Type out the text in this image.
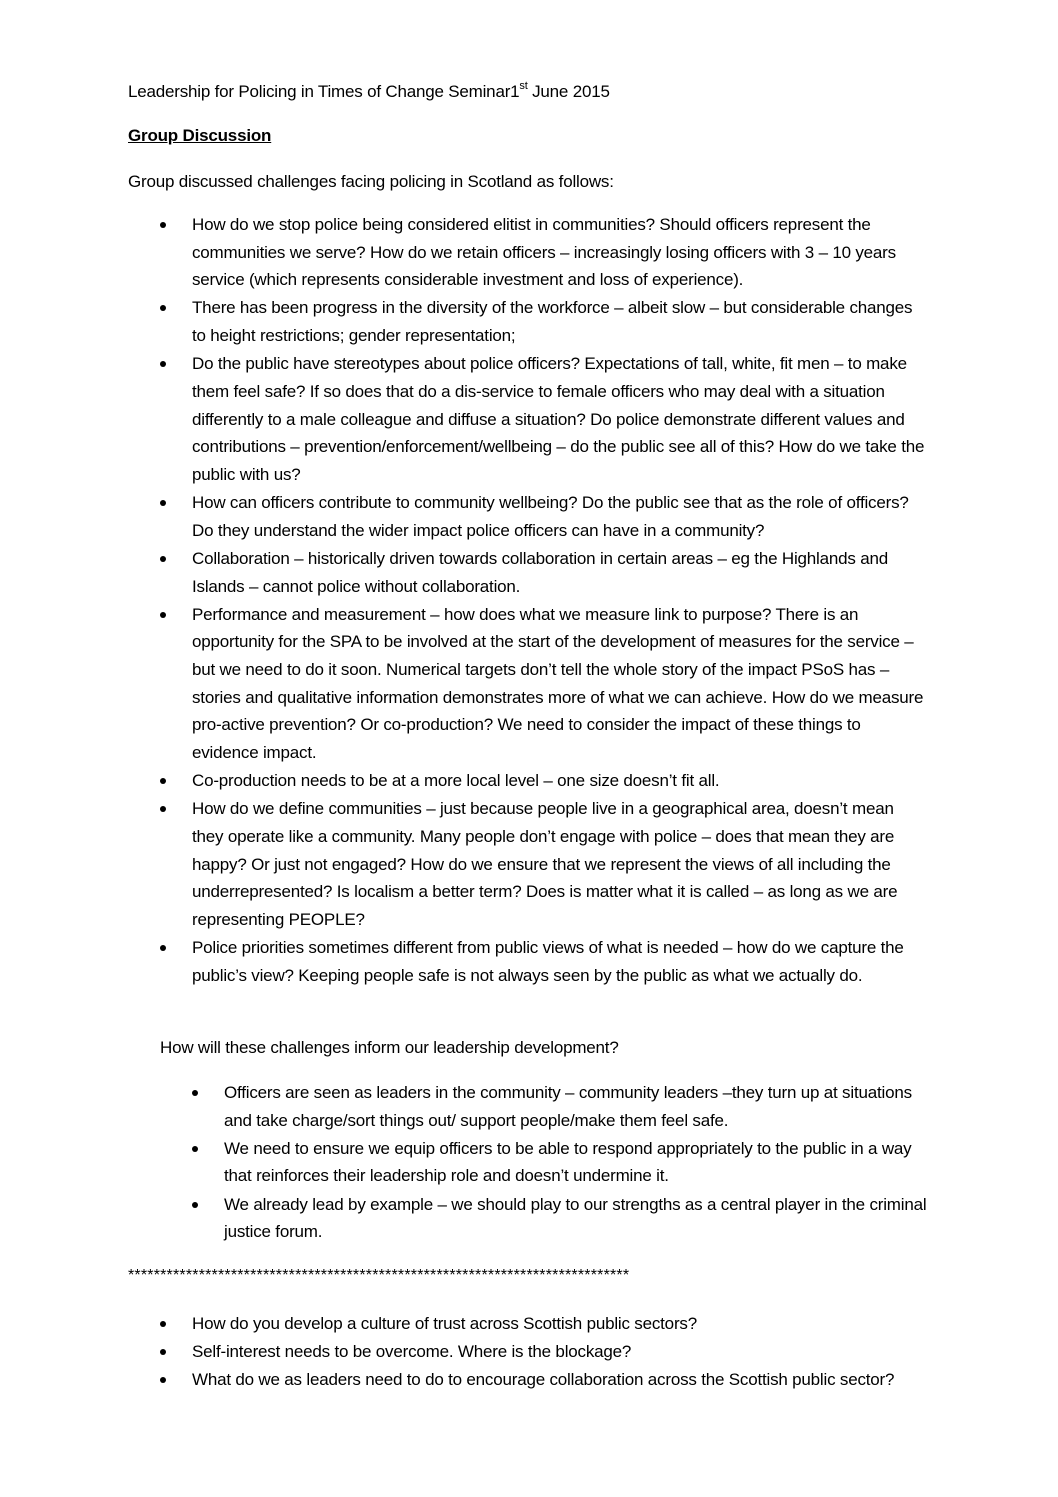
Leadership for Policing in Times of Change Seminar1st June 2015
Group Discussion
Group discussed challenges facing policing in Scotland as follows:
How do we stop police being considered elitist in communities? Should officers represent the communities we serve? How do we retain officers – increasingly losing officers with 3 – 10 years service (which represents considerable investment and loss of experience).
There has been progress in the diversity of the workforce – albeit slow – but considerable changes to height restrictions; gender representation;
Do the public have stereotypes about police officers? Expectations of tall, white, fit men – to make them feel safe? If so does that do a dis-service to female officers who may deal with a situation differently to a male colleague and diffuse a situation? Do police demonstrate different values and contributions – prevention/enforcement/wellbeing – do the public see all of this? How do we take the public with us?
How can officers contribute to community wellbeing? Do the public see that as the role of officers? Do they understand the wider impact police officers can have in a community?
Collaboration – historically driven towards collaboration in certain areas – eg the Highlands and Islands – cannot police without collaboration.
Performance and measurement – how does what we measure link to purpose? There is an opportunity for the SPA to be involved at the start of the development of measures for the service – but we need to do it soon. Numerical targets don’t tell the whole story of the impact PSoS has – stories and qualitative information demonstrates more of what we can achieve. How do we measure pro-active prevention? Or co-production? We need to consider the impact of these things to evidence impact.
Co-production needs to be at a more local level – one size doesn’t fit all.
How do we define communities – just because people live in a geographical area, doesn’t mean they operate like a community. Many people don’t engage with police – does that mean they are happy? Or just not engaged? How do we ensure that we represent the views of all including the underrepresented? Is localism a better term? Does is matter what it is called – as long as we are representing PEOPLE?
Police priorities sometimes different from public views of what is needed – how do we capture the public’s view? Keeping people safe is not always seen by the public as what we actually do.
How will these challenges inform our leadership development?
Officers are seen as leaders in the community – community leaders –they turn up at situations and take charge/sort things out/ support people/make them feel safe.
We need to ensure we equip officers to be able to respond appropriately to the public in a way that reinforces their leadership role and doesn’t undermine it.
We already lead by example – we should play to our strengths as a central player in the criminal justice forum.
******************************************************************************
How do you develop a culture of trust across Scottish public sectors?
Self-interest needs to be overcome. Where is the blockage?
What do we as leaders need to do to encourage collaboration across the Scottish public sector?
